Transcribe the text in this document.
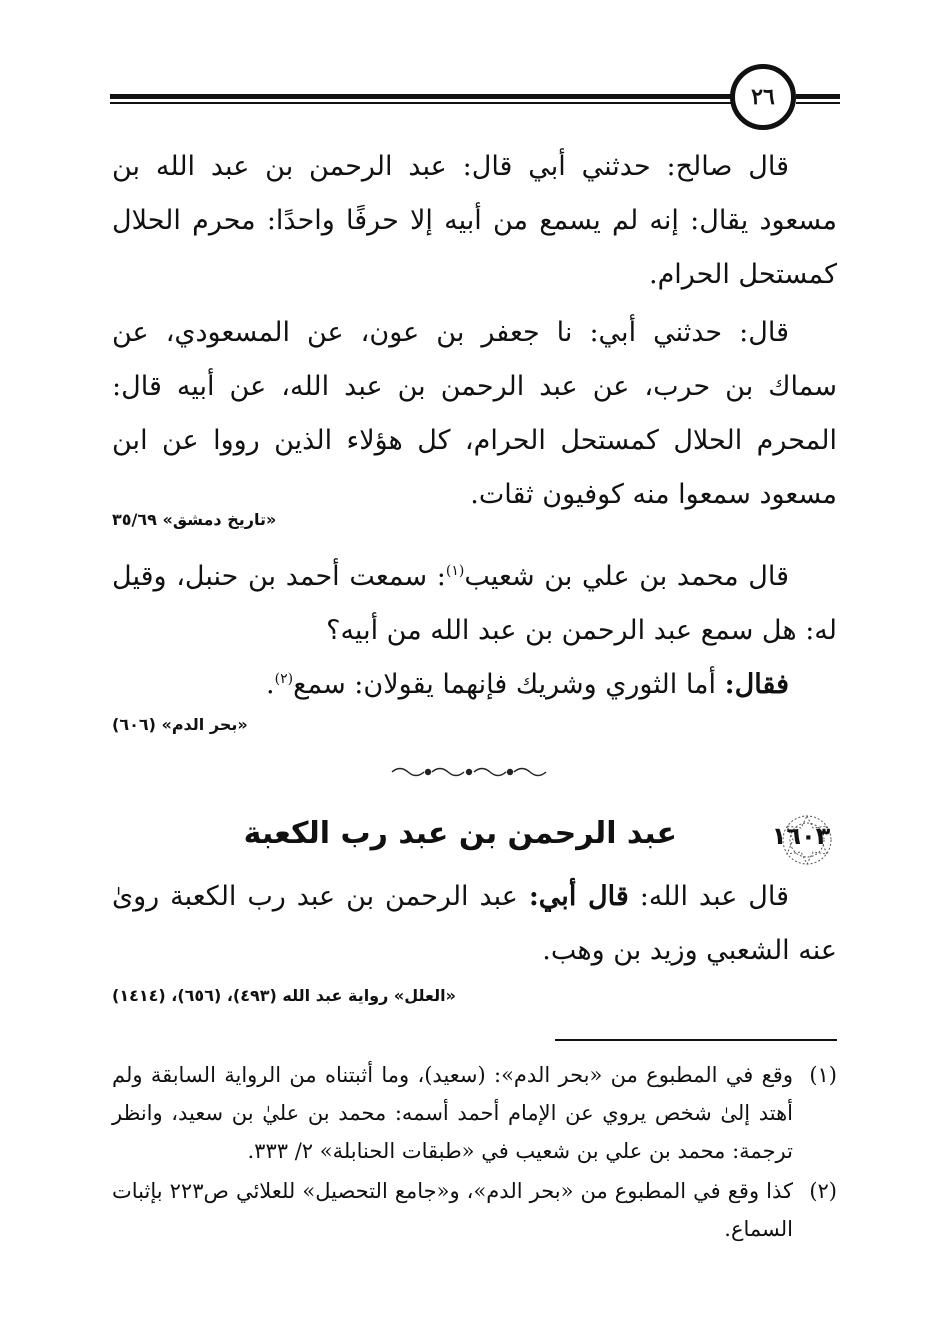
٢٦

قال صالح: حدثني أبي قال: عبد الرحمن بن عبد الله بن مسعود يقال: إنه لم يسمع من أبيه إلا حرفًا واحدًا: محرم الحلال كمستحل الحرام.

قال: حدثني أبي: نا جعفر بن عون، عن المسعودي، عن سماك بن حرب، عن عبد الرحمن بن عبد الله، عن أبيه قال: المحرم الحلال كمستحل الحرام، كل هؤلاء الذين رووا عن ابن مسعود سمعوا منه كوفيون ثقات.

«تاريخ دمشق» ٣٥/٦٩

قال محمد بن علي بن شعيب$^{(١)}$: سمعت أحمد بن حنبل، وقيل له: هل سمع عبد الرحمن بن عبد الله من أبيه؟

فقال: أما الثوري وشريك فإنهما يقولان: سمع$^{(٢)}$.

«بحر الدم» (٦٠٦)
١٦٠٣
عبد الرحمن بن عبد رب الكعبة

قال عبد الله: قال أبي: عبد الرحمن بن عبد رب الكعبة روىٰ عنه الشعبي وزيد بن وهب.

«العلل» رواية عبد الله (٤٩٣)، (٦٥٦)، (١٤١٤)
(١)
وقع في المطبوع من «بحر الدم»: (سعيد)، وما أثبتناه من الرواية السابقة ولم أهتد إلىٰ شخص يروي عن الإمام أحمد أسمه: محمد بن عليٰ بن سعيد، وانظر ترجمة: محمد بن علي بن شعيب في «طبقات الحنابلة» ٢/ ٣٣٣.
(٢)
كذا وقع في المطبوع من «بحر الدم»، و«جامع التحصيل» للعلائي ص٢٢٣ بإثبات السماع.
